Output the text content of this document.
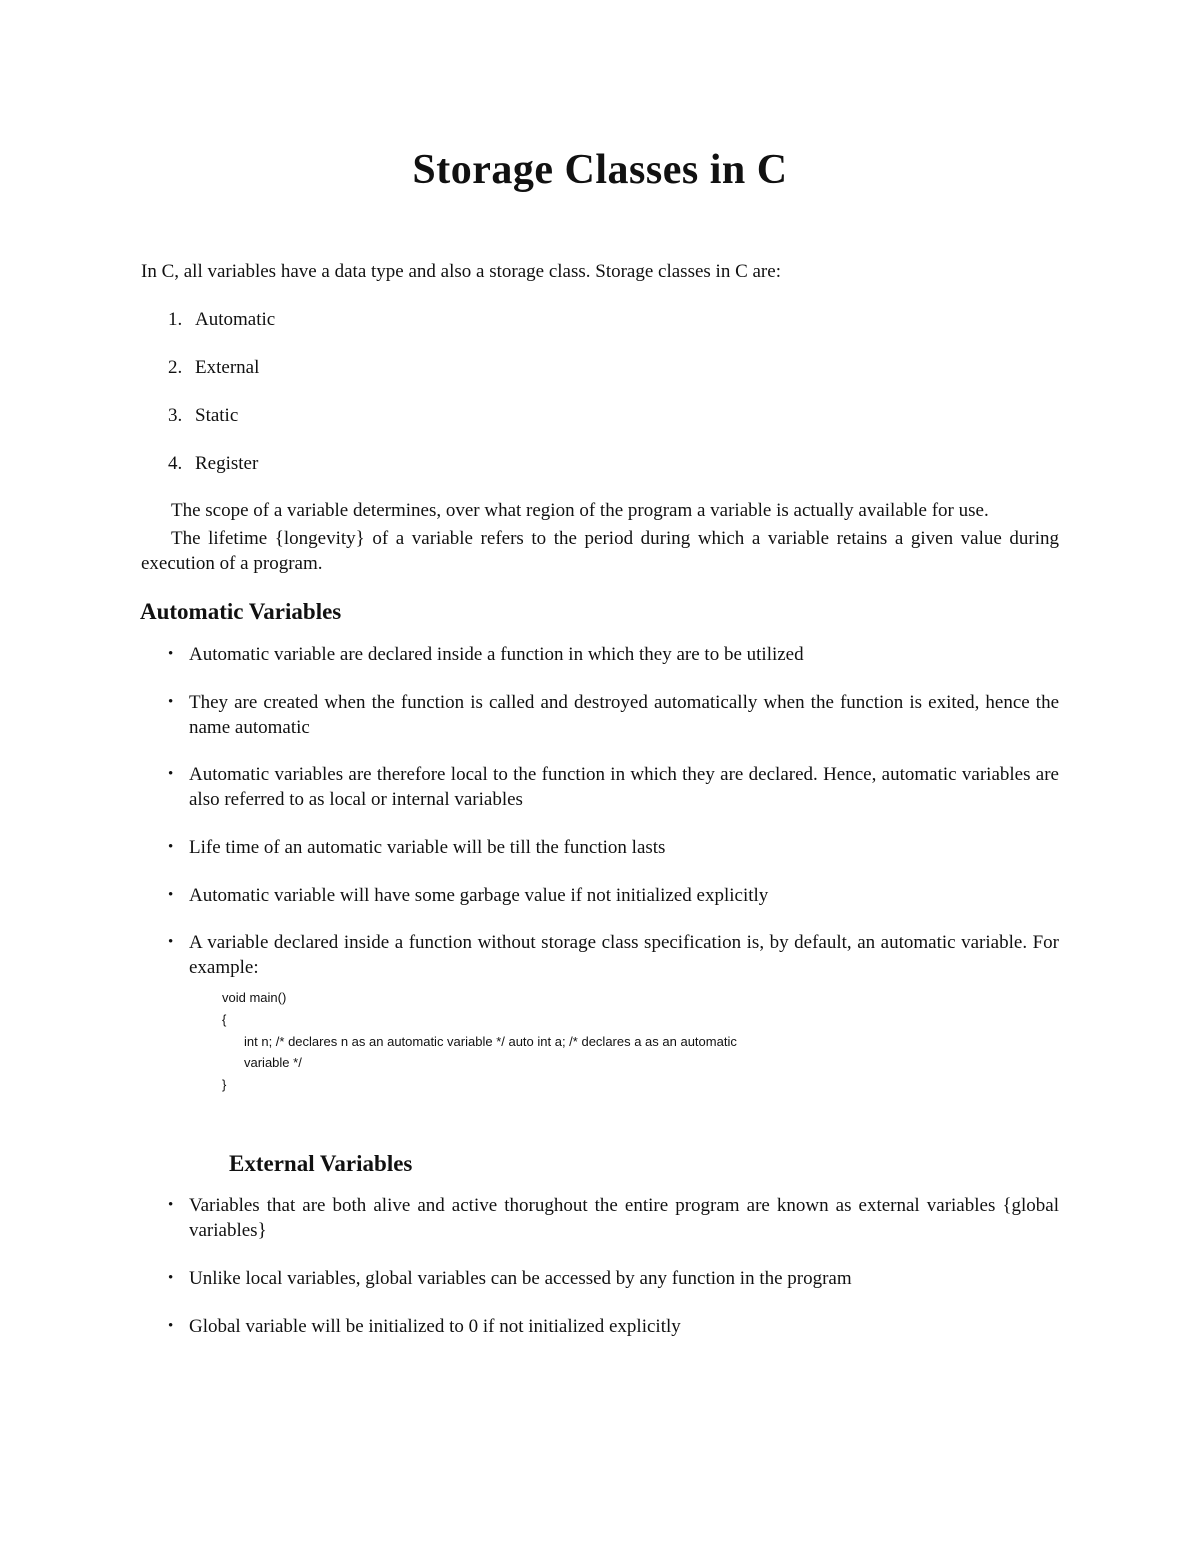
Storage Classes in C

In C, all variables have a data type and also a storage class. Storage classes in C are:

1. Automatic
2. External
3. Static
4. Register

The scope of a variable determines, over what region of the program a variable is actually available for use.

The lifetime {longevity} of a variable refers to the period during which a variable retains a given value during execution of a program.

Automatic Variables
• Automatic variable are declared inside a function in which they are to be utilized
• They are created when the function is called and destroyed automatically when the function is exited, hence the name automatic
• Automatic variables are therefore local to the function in which they are declared. Hence, automatic variables are also referred to as local or internal variables
• Life time of an automatic variable will be till the function lasts
• Automatic variable will have some garbage value if not initialized explicitly
• A variable declared inside a function without storage class specification is, by default, an automatic variable. For example:

void main()

{

int n; /* declares n as an automatic variable */ auto int a; /* declares a as an automatic

variable */

}

External Variables
• Variables that are both alive and active thorughout the entire program are known as external variables {global variables}
• Unlike local variables, global variables can be accessed by any function in the program
• Global variable will be initialized to 0 if not initialized explicitly
